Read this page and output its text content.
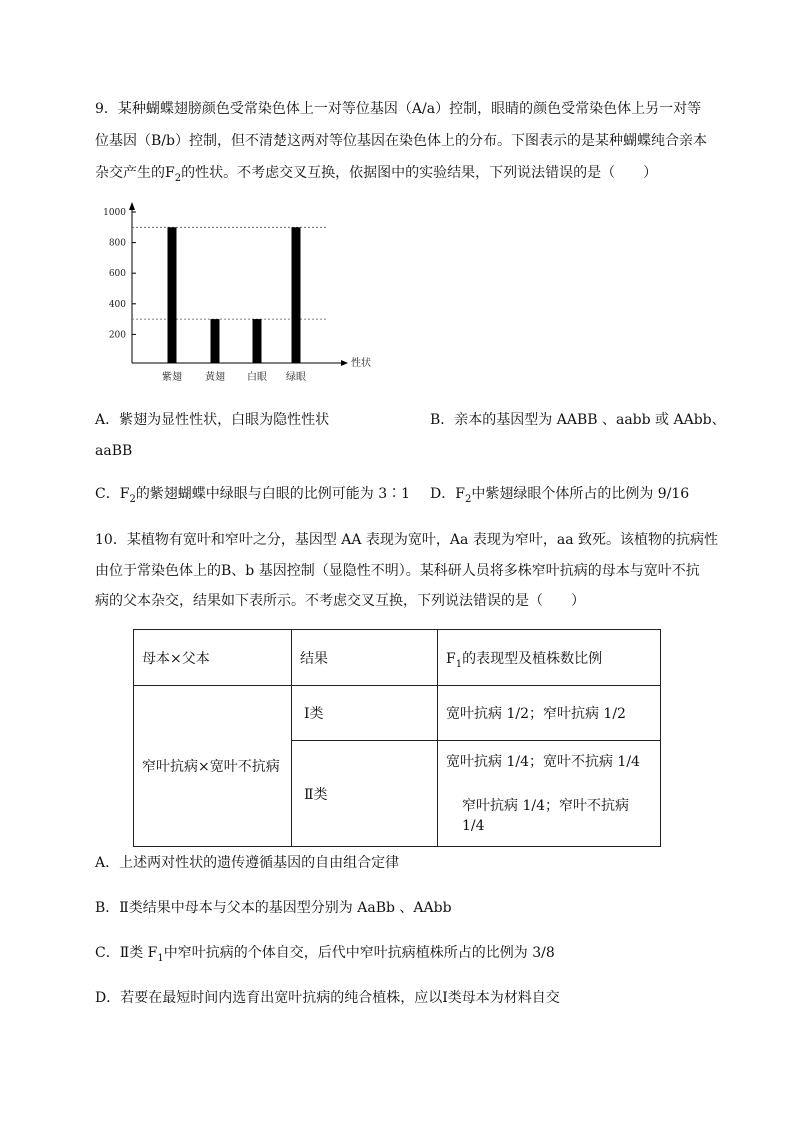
9．某种蝴蝶翅膀颜色受常染色体上一对等位基因（A/a）控制，眼睛的颜色受常染色体上另一对等
位基因（B/b）控制，但不清楚这两对等位基因在染色体上的分布。下图表示的是某种蝴蝶纯合亲本
杂交产生的$F_2$的性状。不考虑交叉互换，依据图中的实验结果，下列说法错误的是（　　）
200
400
600
800
1000
紫翅 黄翅 白眼 绿眼
性状
A．紫翅为显性性状，白眼为隐性性状	B．亲本的基因型为 AABB 、aabb 或 AAbb、
aaBB
C．$F_2$的紫翅蝴蝶中绿眼与白眼的比例可能为 3∶1 D．$F_2$中紫翅绿眼个体所占的比例为 9/16
10．某植物有宽叶和窄叶之分，基因型 AA 表现为宽叶，Aa 表现为窄叶，aa 致死。该植物的抗病性
由位于常染色体上的B、b 基因控制（显隐性不明）。某科研人员将多株窄叶抗病的母本与宽叶不抗
病的父本杂交，结果如下表所示。不考虑交叉互换，下列说法错误的是（　　）
母本×父本	结果	$F_1$的表现型及植株数比例
窄叶抗病×宽叶不抗病	Ⅰ类	宽叶抗病 1/2；窄叶抗病 1/2
	Ⅱ类	宽叶抗病 1/4；宽叶不抗病 1/4
窄叶抗病 1/4；窄叶不抗病 1/4
A．上述两对性状的遗传遵循基因的自由组合定律
B．Ⅱ类结果中母本与父本的基因型分别为 AaBb 、AAbb
C．Ⅱ类 $F_1$中窄叶抗病的个体自交，后代中窄叶抗病植株所占的比例为 3/8
D．若要在最短时间内选育出宽叶抗病的纯合植株，应以Ⅰ类母本为材料自交
